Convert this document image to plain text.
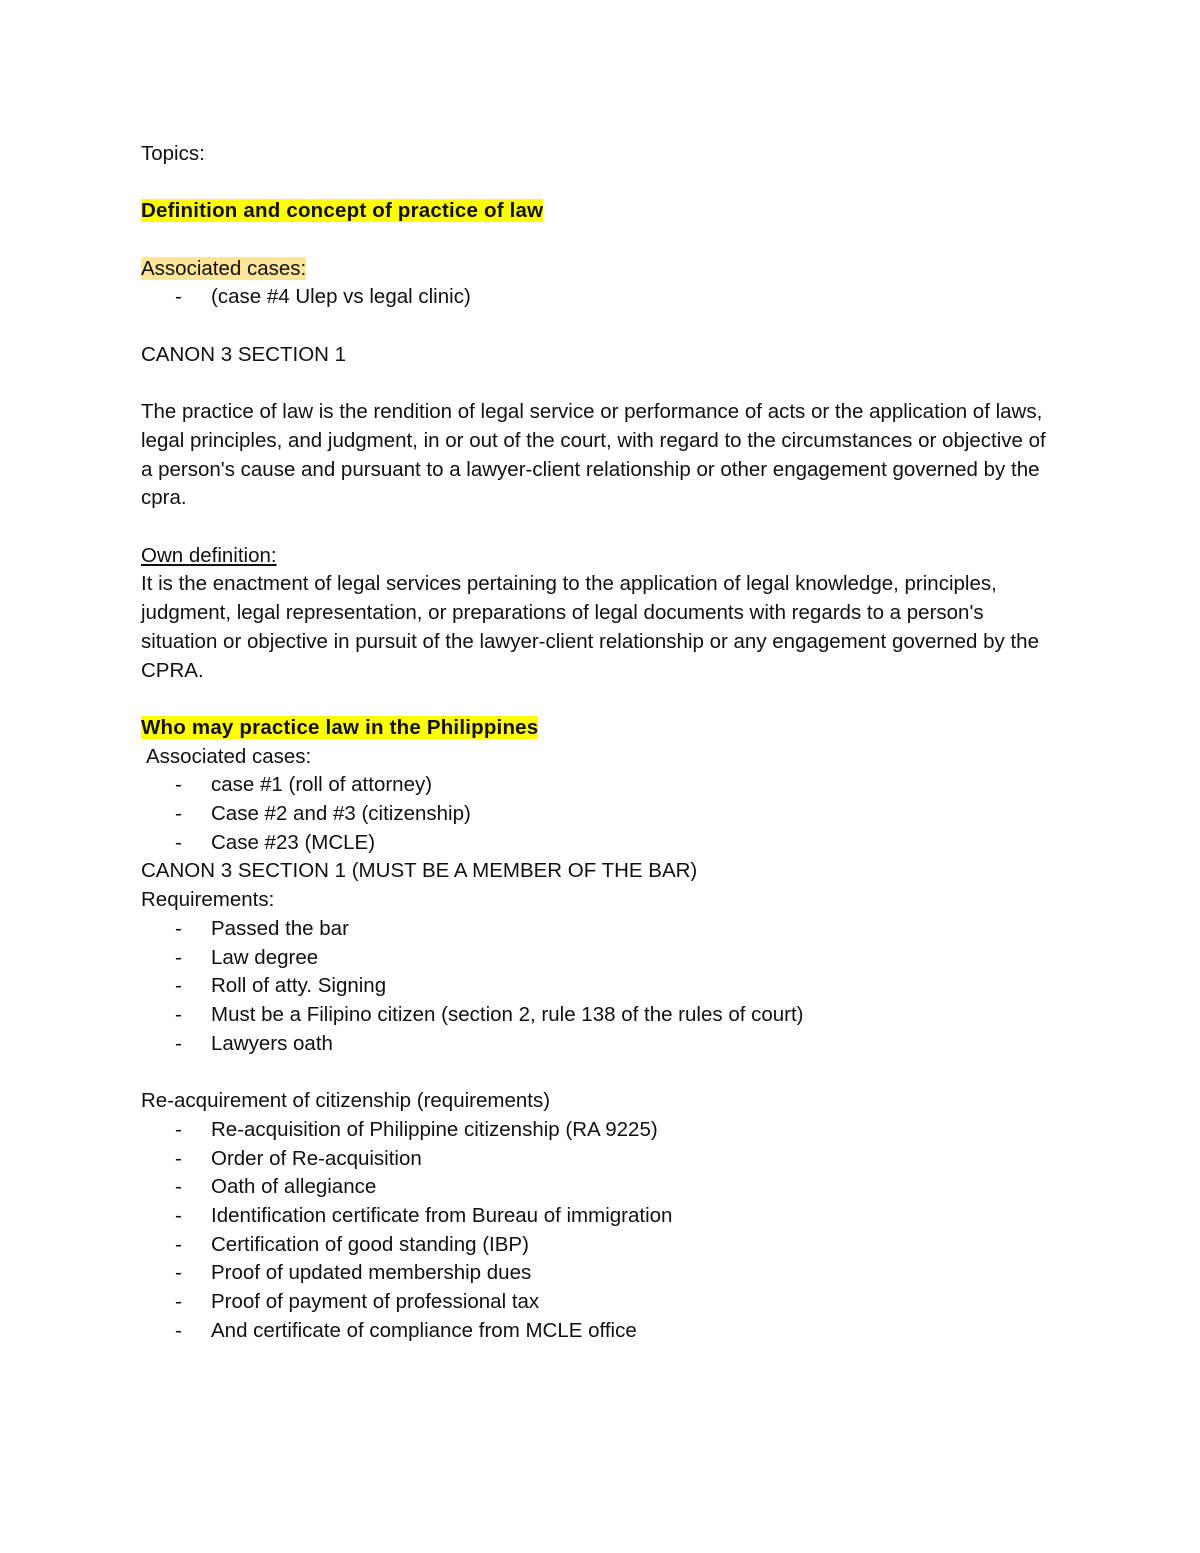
Topics:
Definition and concept of practice of law
Associated cases:
- (case #4 Ulep vs legal clinic)
CANON 3 SECTION 1
The practice of law is the rendition of legal service or performance of acts or the application of laws, legal principles, and judgment, in or out of the court, with regard to the circumstances or objective of a person's cause and pursuant to a lawyer-client relationship or other engagement governed by the cpra.
Own definition:
It is the enactment of legal services pertaining to the application of legal knowledge, principles, judgment, legal representation, or preparations of legal documents with regards to a person's situation or objective in pursuit of the lawyer-client relationship or any engagement governed by the CPRA.
Who may practice law in the Philippines
Associated cases:
- case #1 (roll of attorney)
- Case #2 and #3 (citizenship)
- Case #23 (MCLE)
CANON 3 SECTION 1 (MUST BE A MEMBER OF THE BAR)
Requirements:
- Passed the bar
- Law degree
- Roll of atty. Signing
- Must be a Filipino citizen (section 2, rule 138 of the rules of court)
- Lawyers oath
Re-acquirement of citizenship (requirements)
- Re-acquisition of Philippine citizenship (RA 9225)
- Order of Re-acquisition
- Oath of allegiance
- Identification certificate from Bureau of immigration
- Certification of good standing (IBP)
- Proof of updated membership dues
- Proof of payment of professional tax
- And certificate of compliance from MCLE office
